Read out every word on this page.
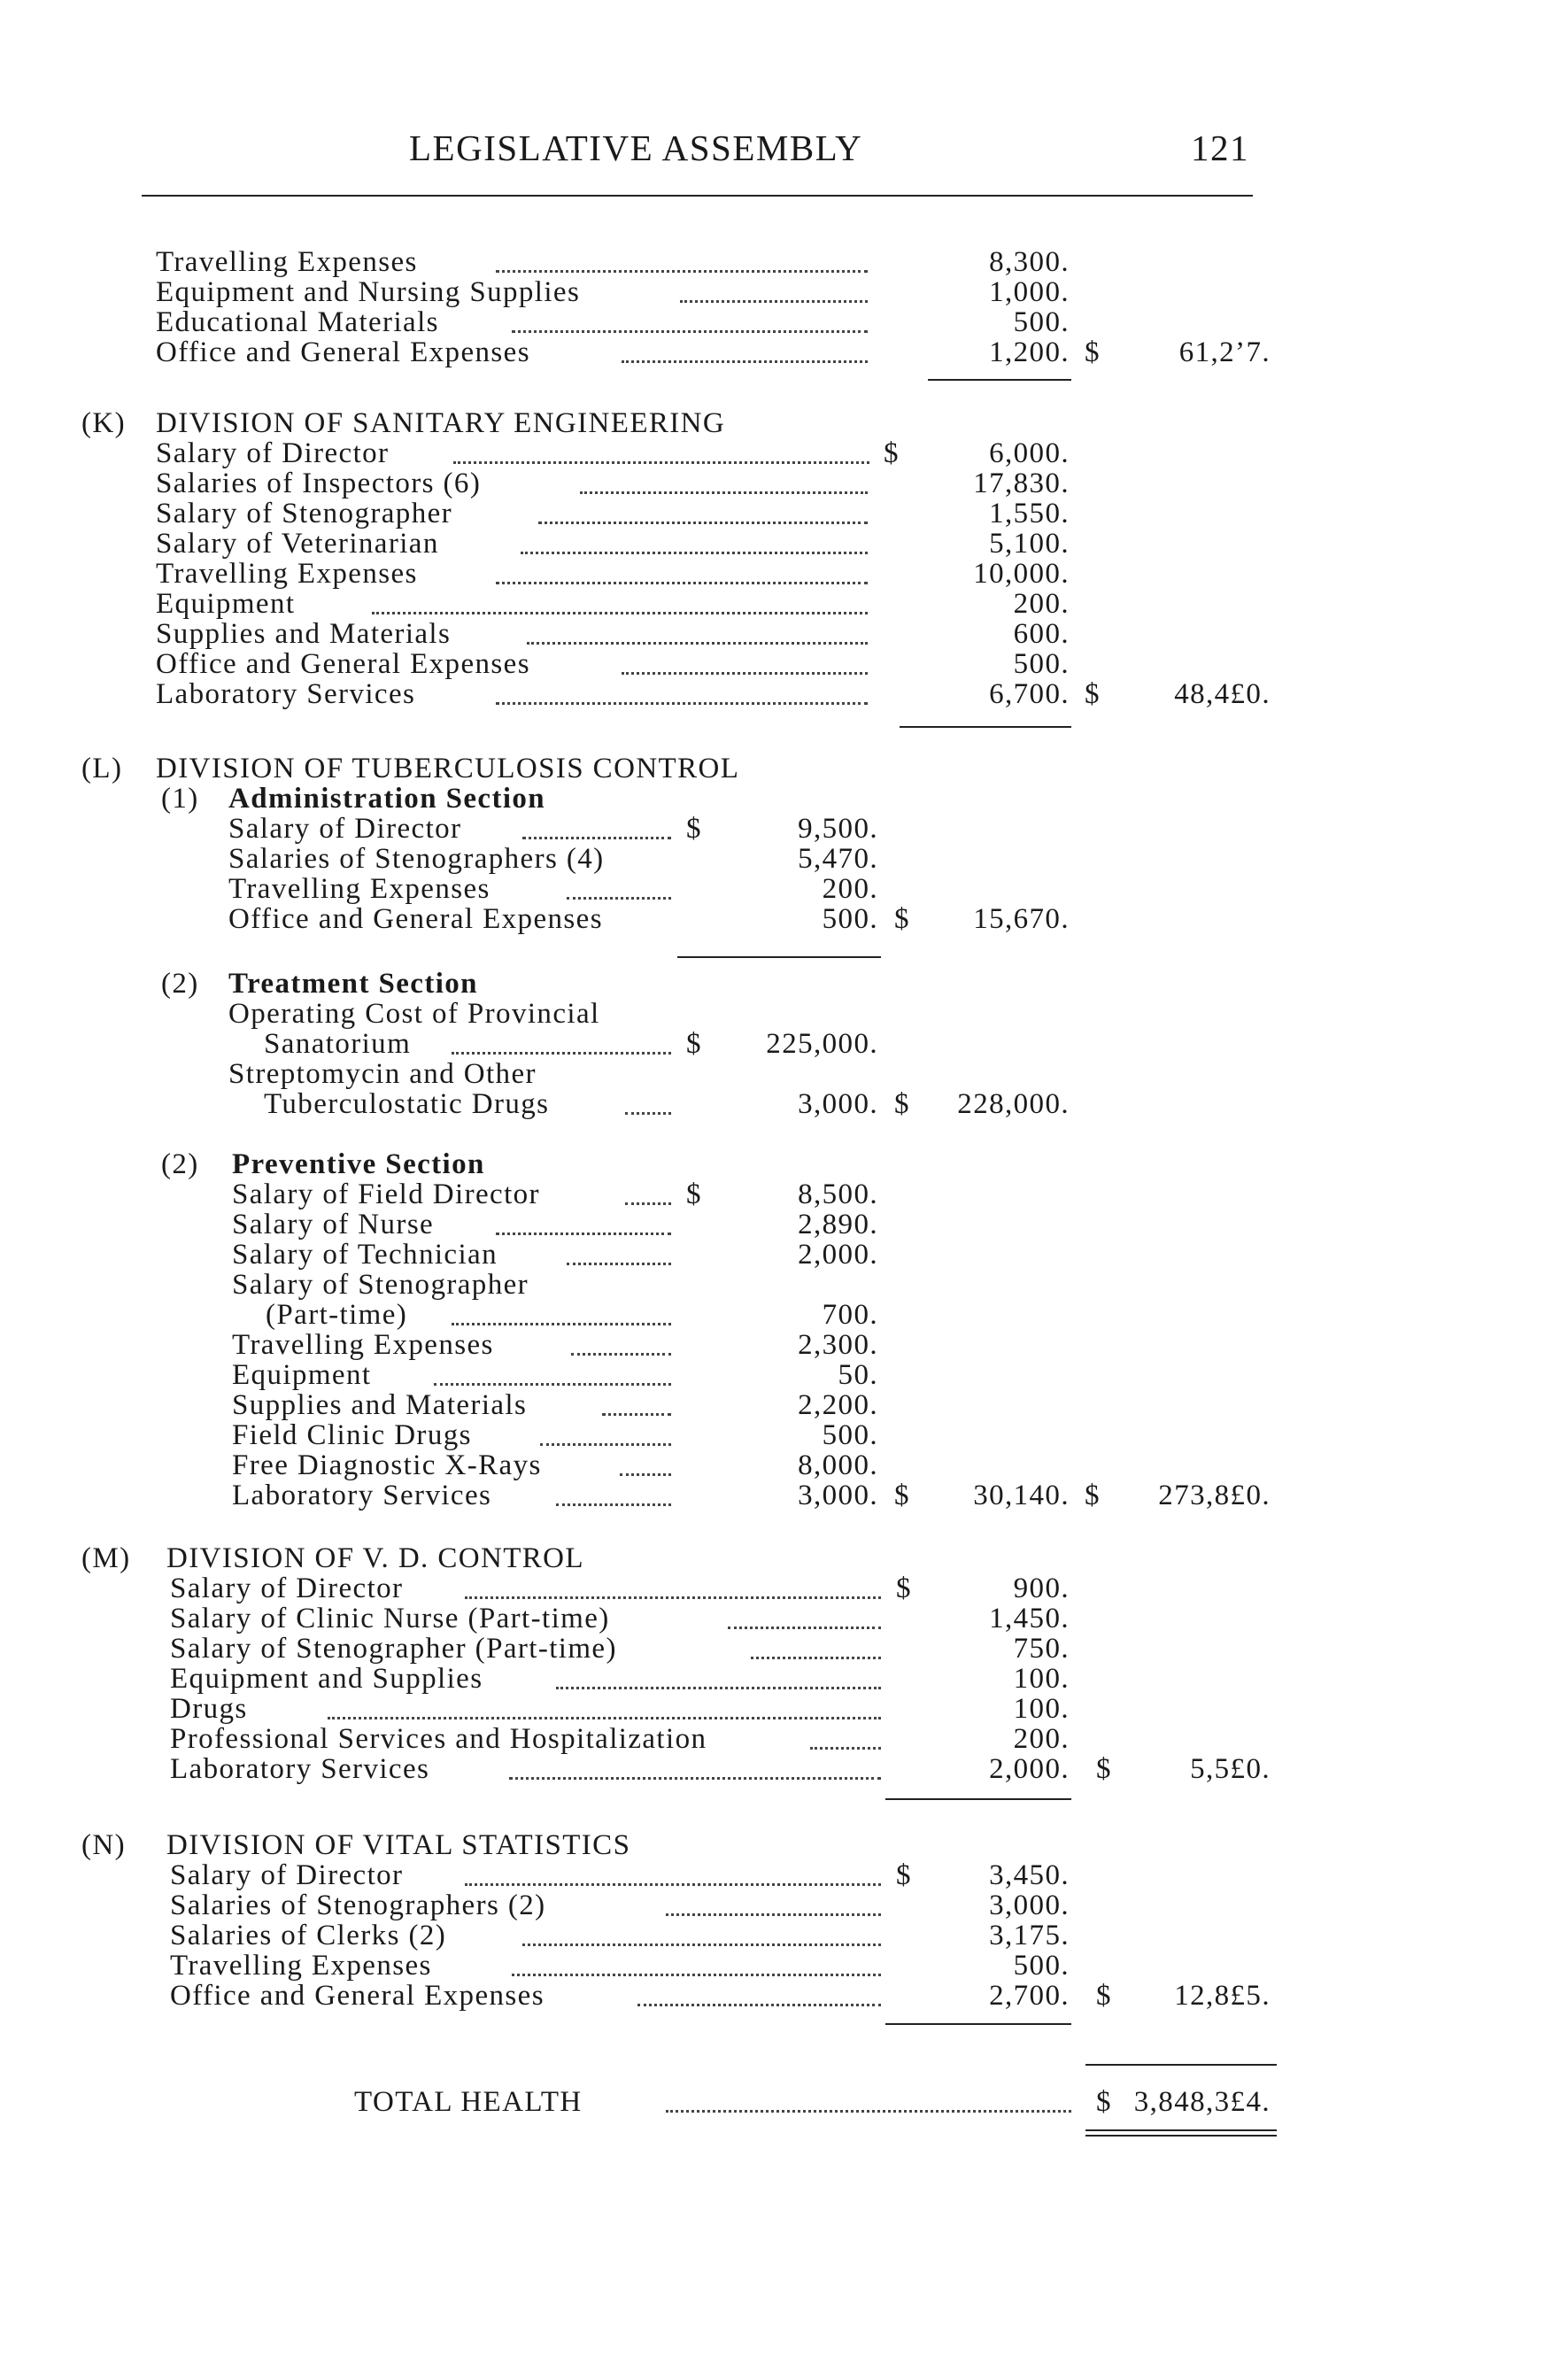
LEGISLATIVE ASSEMBLY	121
Travelling Expenses	8,300.
Equipment and Nursing Supplies	1,000.
Educational Materials	500.
Office and General Expenses	1,200. $	61,2’7.
(K) DIVISION OF SANITARY ENGINEERING
Salary of Director	$	6,000.
Salaries of Inspectors (6)	17,830.
Salary of Stenographer	1,550.
Salary of Veterinarian	5,100.
Travelling Expenses	10,000.
Equipment	200.
Supplies and Materials	600.
Office and General Expenses	500.
Laboratory Services	6,700. $	48,4£0.
(L) DIVISION OF TUBERCULOSIS CONTROL
(1) Administration Section
Salary of Director	$	9,500.
Salaries of Stenographers (4)	5,470.
Travelling Expenses	200.
Office and General Expenses	500. $	15,670.
(2) Treatment Section
Operating Cost of Provincial
Sanatorium	$	225,000.
Streptomycin and Other
Tuberculostatic Drugs	3,000. $	228,000.
(2) Preventive Section
Salary of Field Director	$	8,500.
Salary of Nurse	2,890.
Salary of Technician	2,000.
Salary of Stenographer
(Part-time)	700.
Travelling Expenses	2,300.
Equipment	50.
Supplies and Materials	2,200.
Field Clinic Drugs	500.
Free Diagnostic X-Rays	8,000.
Laboratory Services	3,000. $	30,140. $	273,8£0.
(M) DIVISION OF V. D. CONTROL
Salary of Director	$	900.
Salary of Clinic Nurse (Part-time)	1,450.
Salary of Stenographer (Part-time)	750.
Equipment and Supplies	100.
Drugs	100.
Professional Services and Hospitalization	200.
Laboratory Services	2,000. $	5,5£0.
(N) DIVISION OF VITAL STATISTICS
Salary of Director	$	3,450.
Salaries of Stenographers (2)	3,000.
Salaries of Clerks (2)	3,175.
Travelling Expenses	500.
Office and General Expenses	2,700. $	12,8£5.
TOTAL HEALTH	$ 3,848,3£4.
